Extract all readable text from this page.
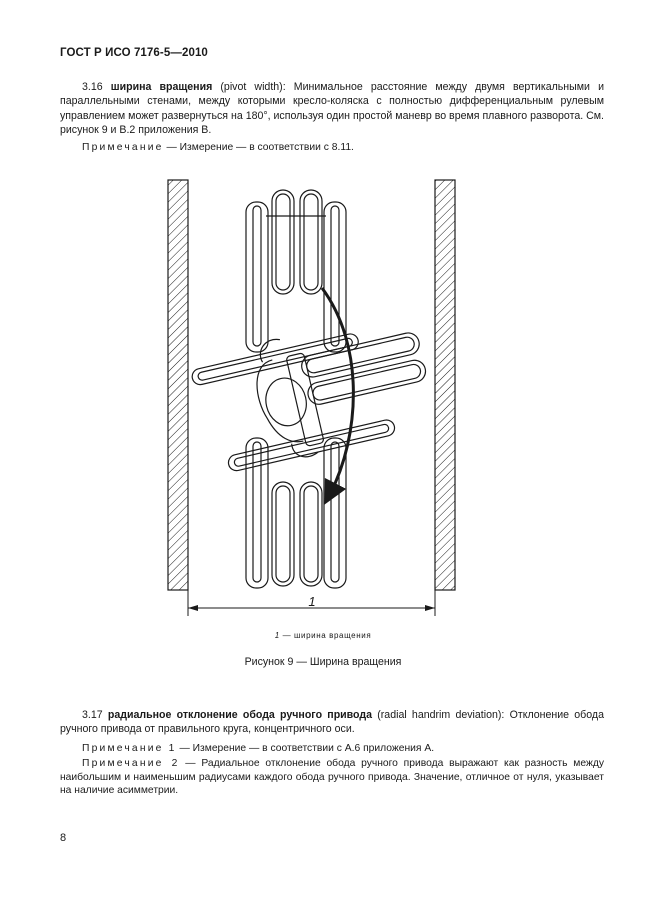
ГОСТ Р ИСО 7176-5—2010

3.16 ширина вращения (pivot width): Минимальное расстояние между двумя вертикальными и параллельными стенами, между которыми кресло-коляска с полностью дифференциальным рулевым управлением может развернуться на 180°, используя один простой маневр во время плавного разворота. См. рисунок 9 и В.2 приложения В.

Примечание — Измерение — в соответствии с 8.11.

1

1 — ширина вращения

Рисунок 9 — Ширина вращения

3.17 радиальное отклонение обода ручного привода (radial handrim deviation): Отклонение обода ручного привода от правильного круга, концентричного оси.

Примечание 1 — Измерение — в соответствии с А.6 приложения А.

Примечание 2 — Радиальное отклонение обода ручного привода выражают как разность между наибольшим и наименьшим радиусами каждого обода ручного привода. Значение, отличное от нуля, указывает на наличие асимметрии.

8
